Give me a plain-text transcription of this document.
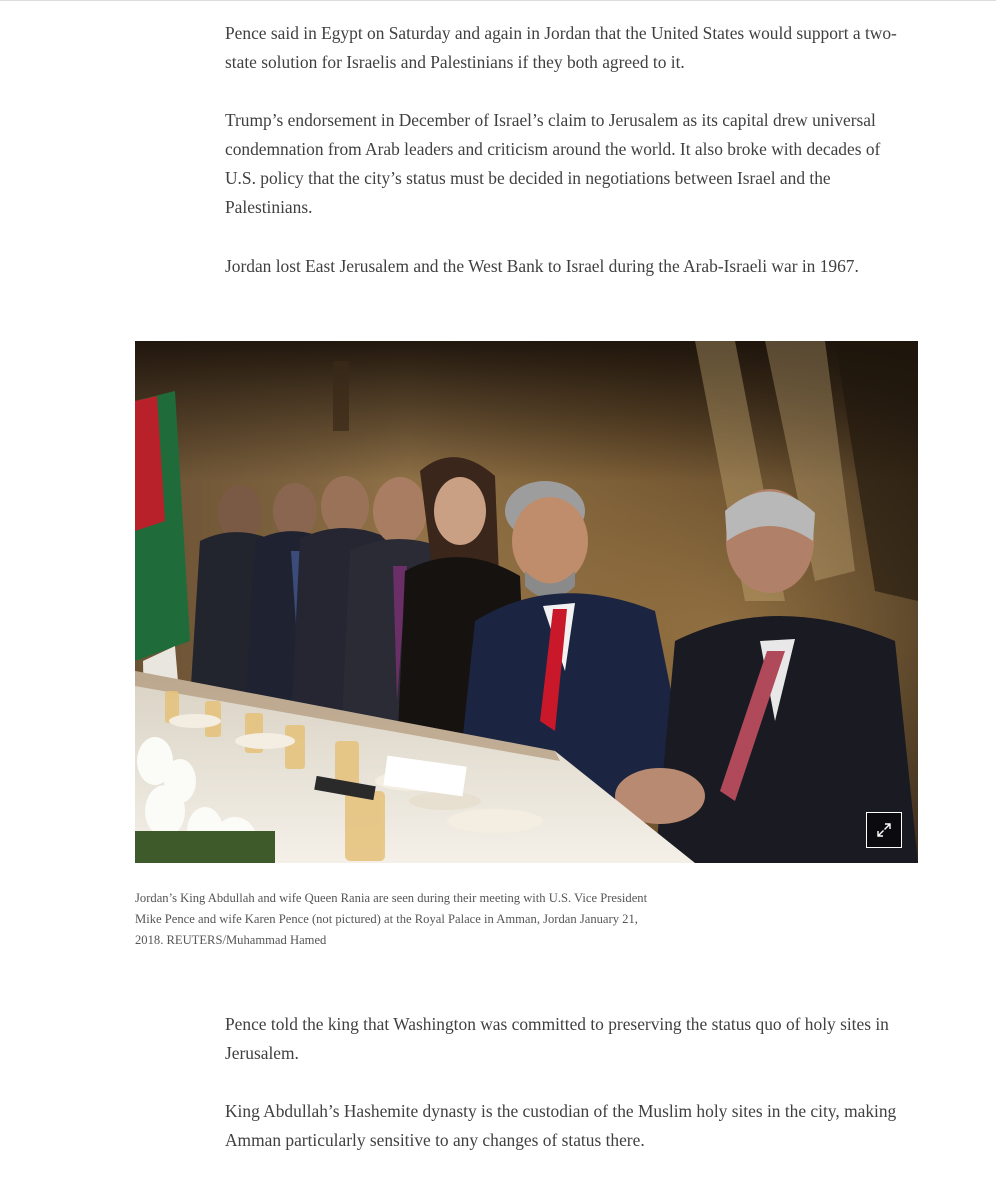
Pence said in Egypt on Saturday and again in Jordan that the United States would support a two-state solution for Israelis and Palestinians if they both agreed to it.

Trump’s endorsement in December of Israel’s claim to Jerusalem as its capital drew universal condemnation from Arab leaders and criticism around the world. It also broke with decades of U.S. policy that the city’s status must be decided in negotiations between Israel and the Palestinians.

Jordan lost East Jerusalem and the West Bank to Israel during the Arab-Israeli war in 1967.

Jordan’s King Abdullah and wife Queen Rania are seen during their meeting with U.S. Vice President Mike Pence and wife Karen Pence (not pictured) at the Royal Palace in Amman, Jordan January 21, 2018. REUTERS/Muhammad Hamed

Pence told the king that Washington was committed to preserving the status quo of holy sites in Jerusalem.

King Abdullah’s Hashemite dynasty is the custodian of the Muslim holy sites in the city, making Amman particularly sensitive to any changes of status there.
